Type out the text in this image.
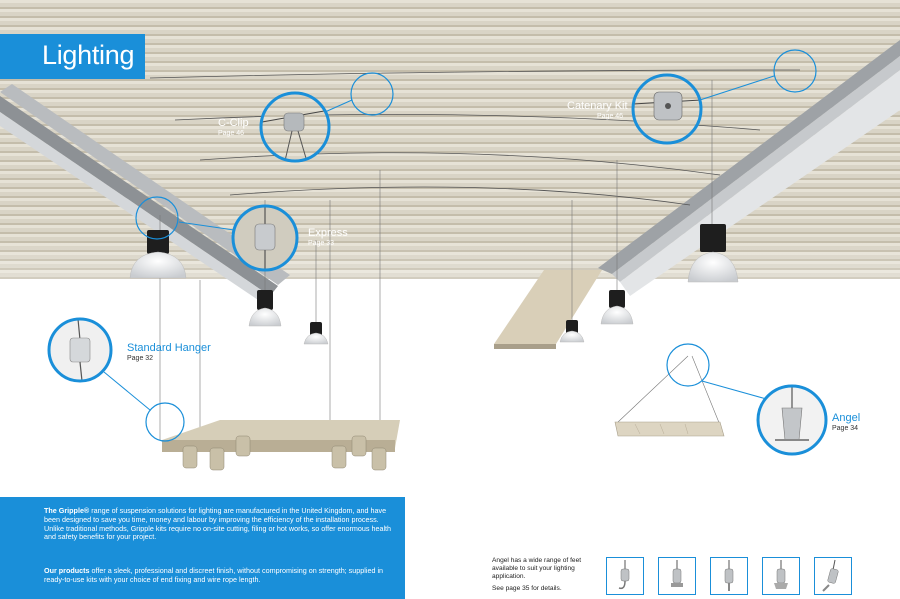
Lighting
C-Clip
Page 46
Express
Page 33
Standard Hanger
Page 32
Catenary Kit
Page 46
Angel
Page 34

The Gripple® range of suspension solutions for lighting are manufactured in the United Kingdom, and have been designed to save you time, money and labour by improving the efficiency of the installation process. Unlike traditional methods, Gripple kits require no on-site cutting, filing or hot works, so offer enormous health and safety benefits for your project.

Our products offer a sleek, professional and discreet finish, without compromising on strength; supplied in ready-to-use kits with your choice of end fixing and wire rope length.

Angel has a wide range of feet available to suit your lighting application.
See page 35 for details.
